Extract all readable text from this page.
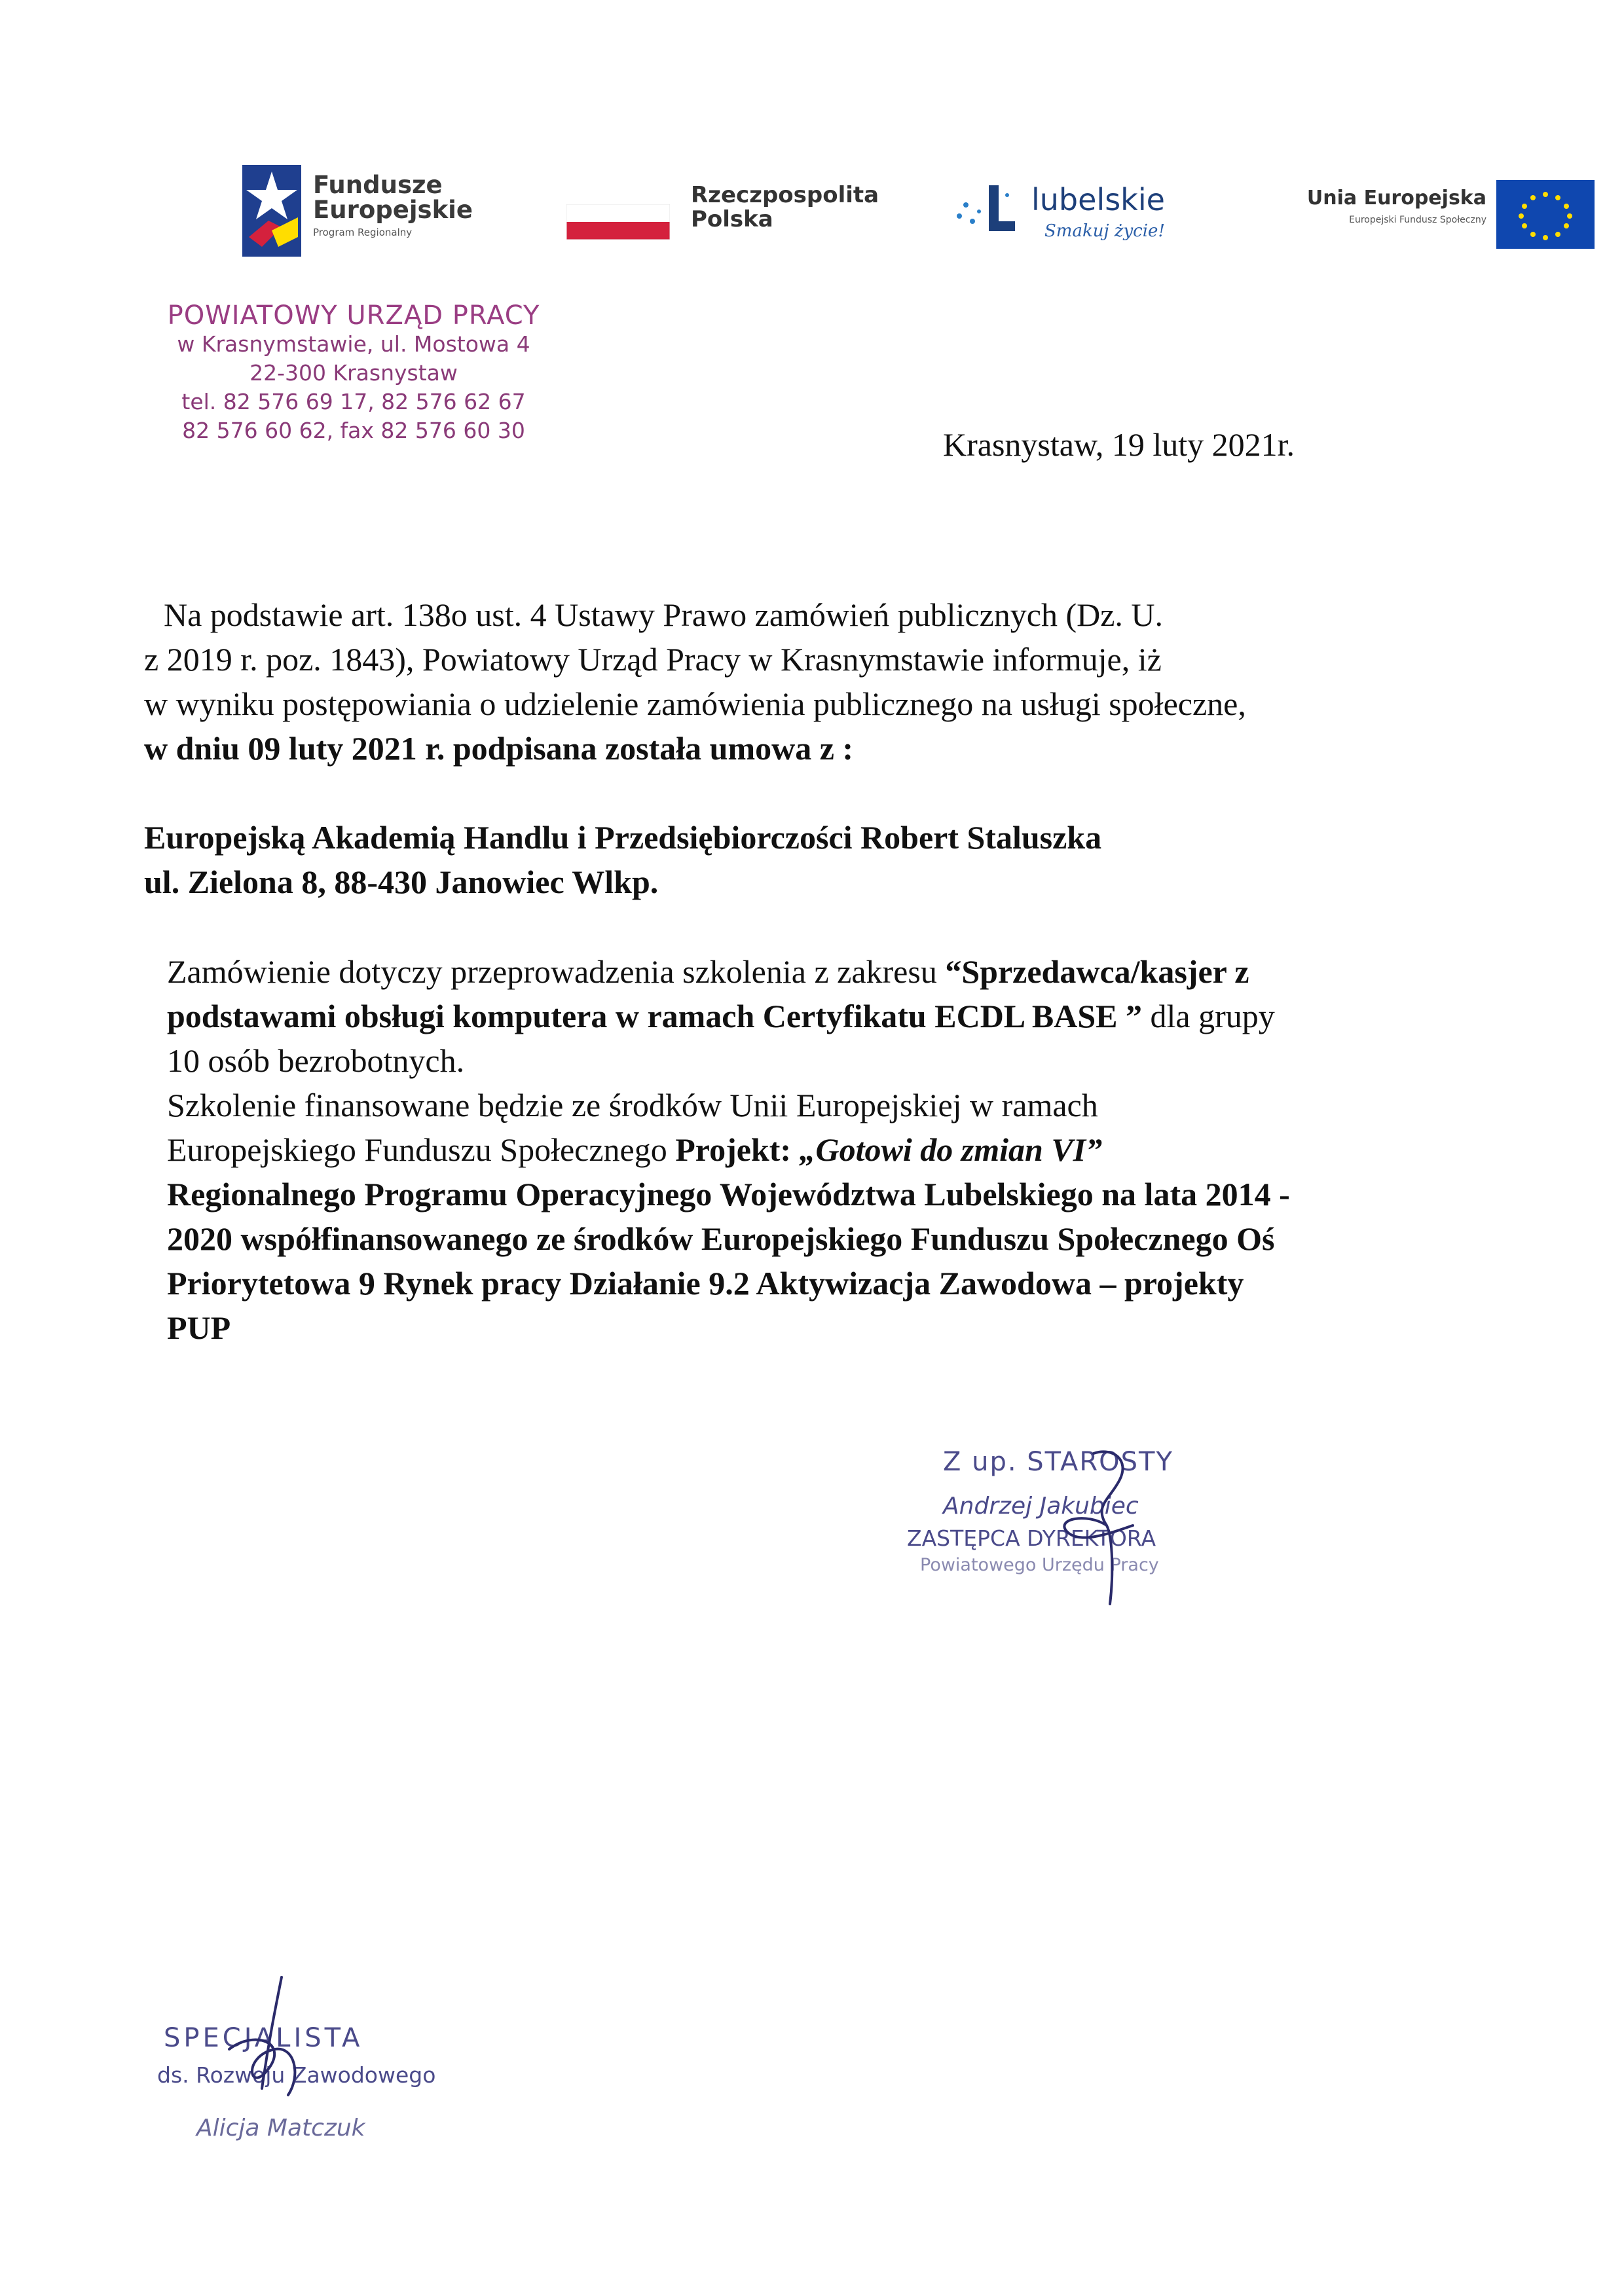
Fundusze
Europejskie
Program Regionalny
Rzeczpospolita
Polska
lubelskie
Smakuj życie!
Unia Europejska
Europejski Fundusz Społeczny
POWIATOWY URZĄD PRACY
w Krasnymstawie, ul. Mostowa 4
22-300 Krasnystaw
tel. 82 576 69 17, 82 576 62 67
82 576 60 62, fax 82 576 60 30	Krasnystaw, 19 luty 2021r.

Na podstawie art. 138o ust. 4 Ustawy Prawo zamówień publicznych (Dz. U.

z 2019 r. poz. 1843), Powiatowy Urząd Pracy w Krasnymstawie informuje, iż

w wyniku postępowiania o udzielenie zamówienia publicznego na usługi społeczne,

w dniu 09 luty 2021 r. podpisana została umowa z :

Europejską Akademią Handlu i Przedsiębiorczości Robert Staluszka

ul. Zielona 8, 88-430 Janowiec Wlkp.

Zamówienie dotyczy przeprowadzenia szkolenia z zakresu “Sprzedawca/kasjer z

podstawami obsługi komputera w ramach Certyfikatu ECDL BASE ” dla grupy

10 osób bezrobotnych.

Szkolenie finansowane będzie ze środków Unii Europejskiej w ramach

Europejskiego Funduszu Społecznego Projekt: „Gotowi do zmian VI”

Regionalnego Programu Operacyjnego Województwa Lubelskiego na lata 2014 -

2020 współfinansowanego ze środków Europejskiego Funduszu Społecznego Oś

Priorytetowa 9 Rynek pracy Działanie 9.2 Aktywizacja Zawodowa – projekty

PUP

Z up. STAROSTY
Andrzej Jakubiec
ZASTĘPCA DYREKTORA
Powiatowego Urzędu Pracy
SPECJALISTA
ds. Rozwoju Zawodowego
Alicja Matczuk
